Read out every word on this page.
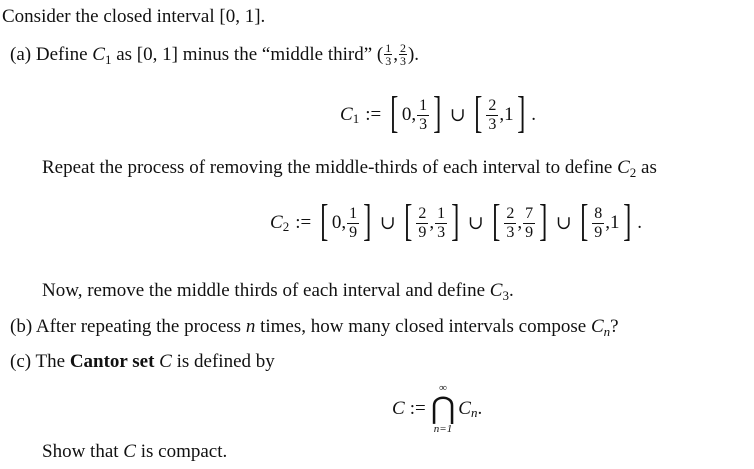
Consider the closed interval [0, 1].
(a) Define $C_1$ as [0, 1] minus the “middle third” ( $\frac{1}{3}$ , $\frac{2}{3}$ ).
C 1 := [ 0 , $\frac{1}{3}$ ] ∪ [ $\frac{2}{3}$ , 1 ] .
Repeat the process of removing the middle-thirds of each interval to define $C_2$ as
C 2 := [ 0 , $\frac{1}{9}$ ] ∪ [ $\frac{2}{9}$ , $\frac{1}{3}$ ] ∪ [ $\frac{2}{3}$ , $\frac{7}{9}$ ] ∪ [ $\frac{8}{9}$ , 1 ] .
Now, remove the middle thirds of each interval and define $C_3$.
(b) After repeating the process n times, how many closed intervals compose $C_n$?
(c) The Cantor set C is defined by
C :=
∞
⋂
n=1
C n .
Show that C is compact.
